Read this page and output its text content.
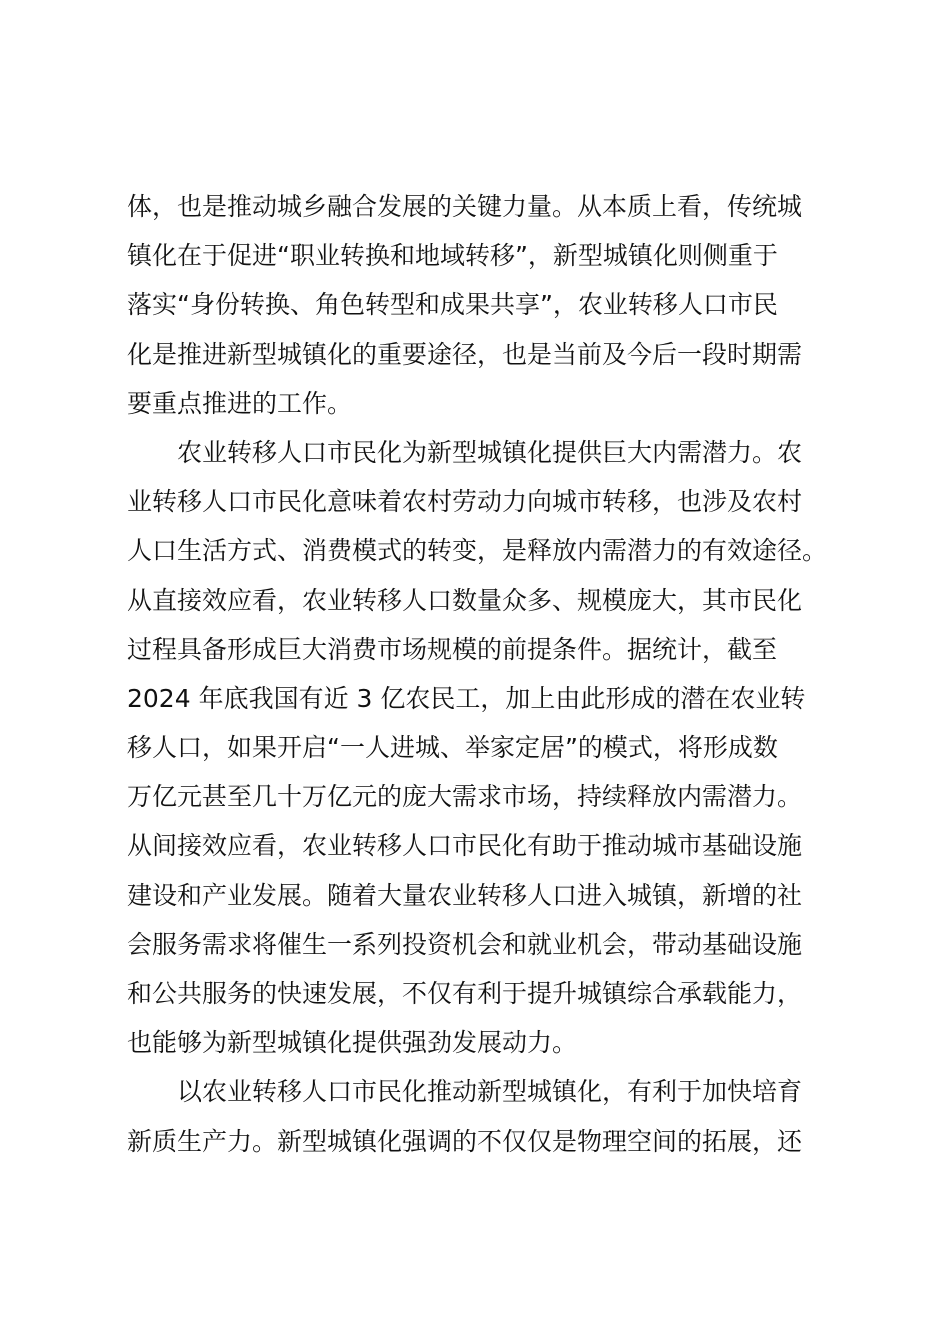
体，也是推动城乡融合发展的关键力量。从本质上看，传统城
镇化在于促进“职业转换和地域转移”，新型城镇化则侧重于
落实“身份转换、角色转型和成果共享”，农业转移人口市民
化是推进新型城镇化的重要途径，也是当前及今后一段时期需
要重点推进的工作。
农业转移人口市民化为新型城镇化提供巨大内需潜力。农
业转移人口市民化意味着农村劳动力向城市转移，也涉及农村
人口生活方式、消费模式的转变，是释放内需潜力的有效途径。
从直接效应看，农业转移人口数量众多、规模庞大，其市民化
过程具备形成巨大消费市场规模的前提条件。据统计，截至
2024 年底我国有近 3 亿农民工，加上由此形成的潜在农业转
移人口，如果开启“一人进城、举家定居”的模式，将形成数
万亿元甚至几十万亿元的庞大需求市场，持续释放内需潜力。
从间接效应看，农业转移人口市民化有助于推动城市基础设施
建设和产业发展。随着大量农业转移人口进入城镇，新增的社
会服务需求将催生一系列投资机会和就业机会，带动基础设施
和公共服务的快速发展，不仅有利于提升城镇综合承载能力，
也能够为新型城镇化提供强劲发展动力。
以农业转移人口市民化推动新型城镇化，有利于加快培育
新质生产力。新型城镇化强调的不仅仅是物理空间的拓展，还
